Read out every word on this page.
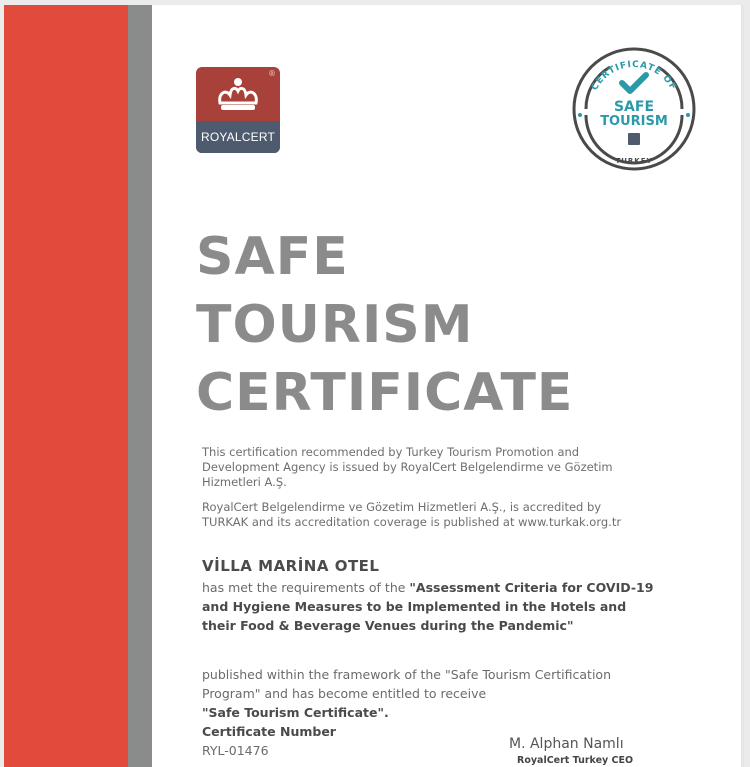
®
ROYALCERT
CERTIFICATE OF
SAFE
TOURISM
TURKEY
SAFE
TOURISM
CERTIFICATE
This certification recommended by Turkey Tourism Promotion and Development Agency is issued by RoyalCert Belgelendirme ve Gözetim Hizmetleri A.Ş.
RoyalCert Belgelendirme ve Gözetim Hizmetleri A.Ş., is accredited by TURKAK and its accreditation coverage is published at www.turkak.org.tr
VİLLA MARİNA OTEL
has met the requirements of the "Assessment Criteria for COVID-19 and Hygiene Measures to be Implemented in the Hotels and their Food & Beverage Venues during the Pandemic"
published within the framework of the "Safe Tourism Certification Program" and has become entitled to receive
"Safe Tourism Certificate".
Certificate Number
RYL-01476	M. Alphan Namlı
RoyalCert Turkey CEO
